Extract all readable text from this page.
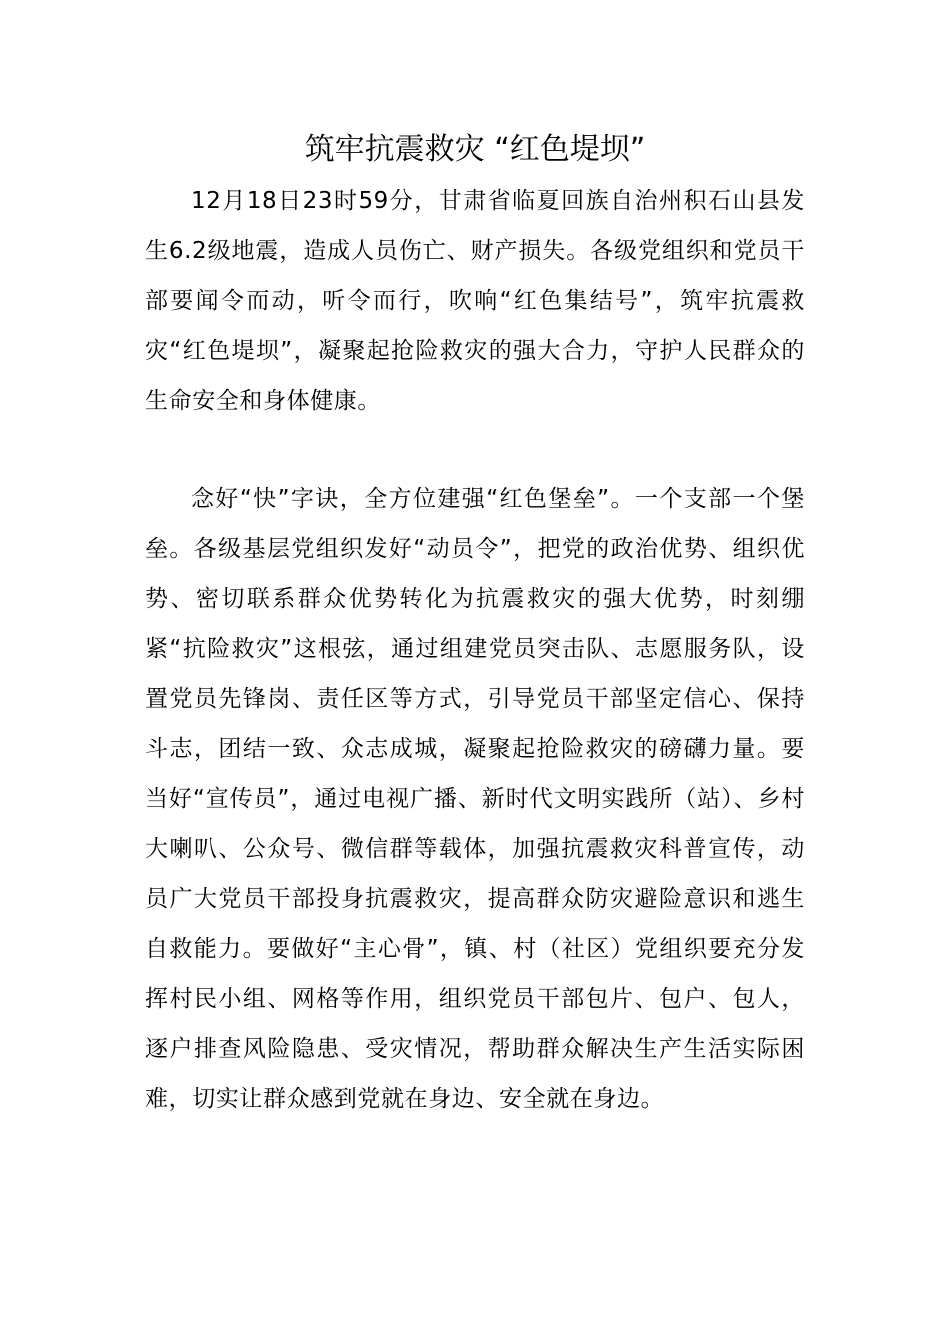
筑牢抗震救灾 “红色堤坝”

12月18日23时59分，甘肃省临夏回族自治州积石山县发生6.2级地震，造成人员伤亡、财产损失。各级党组织和党员干部要闻令而动，听令而行，吹响“红色集结号”，筑牢抗震救灾“红色堤坝”，凝聚起抢险救灾的强大合力，守护人民群众的生命安全和身体健康。

念好“快”字诀，全方位建强“红色堡垒”。一个支部一个堡垒。各级基层党组织发好“动员令”，把党的政治优势、组织优势、密切联系群众优势转化为抗震救灾的强大优势，时刻绷紧“抗险救灾”这根弦，通过组建党员突击队、志愿服务队，设置党员先锋岗、责任区等方式，引导党员干部坚定信心、保持斗志，团结一致、众志成城，凝聚起抢险救灾的磅礴力量。要当好“宣传员”，通过电视广播、新时代文明实践所（站）、乡村大喇叭、公众号、微信群等载体，加强抗震救灾科普宣传，动员广大党员干部投身抗震救灾，提高群众防灾避险意识和逃生自救能力。要做好“主心骨”，镇、村（社区）党组织要充分发挥村民小组、网格等作用，组织党员干部包片、包户、包人，逐户排查风险隐患、受灾情况，帮助群众解决生产生活实际困难，切实让群众感到党就在身边、安全就在身边。
